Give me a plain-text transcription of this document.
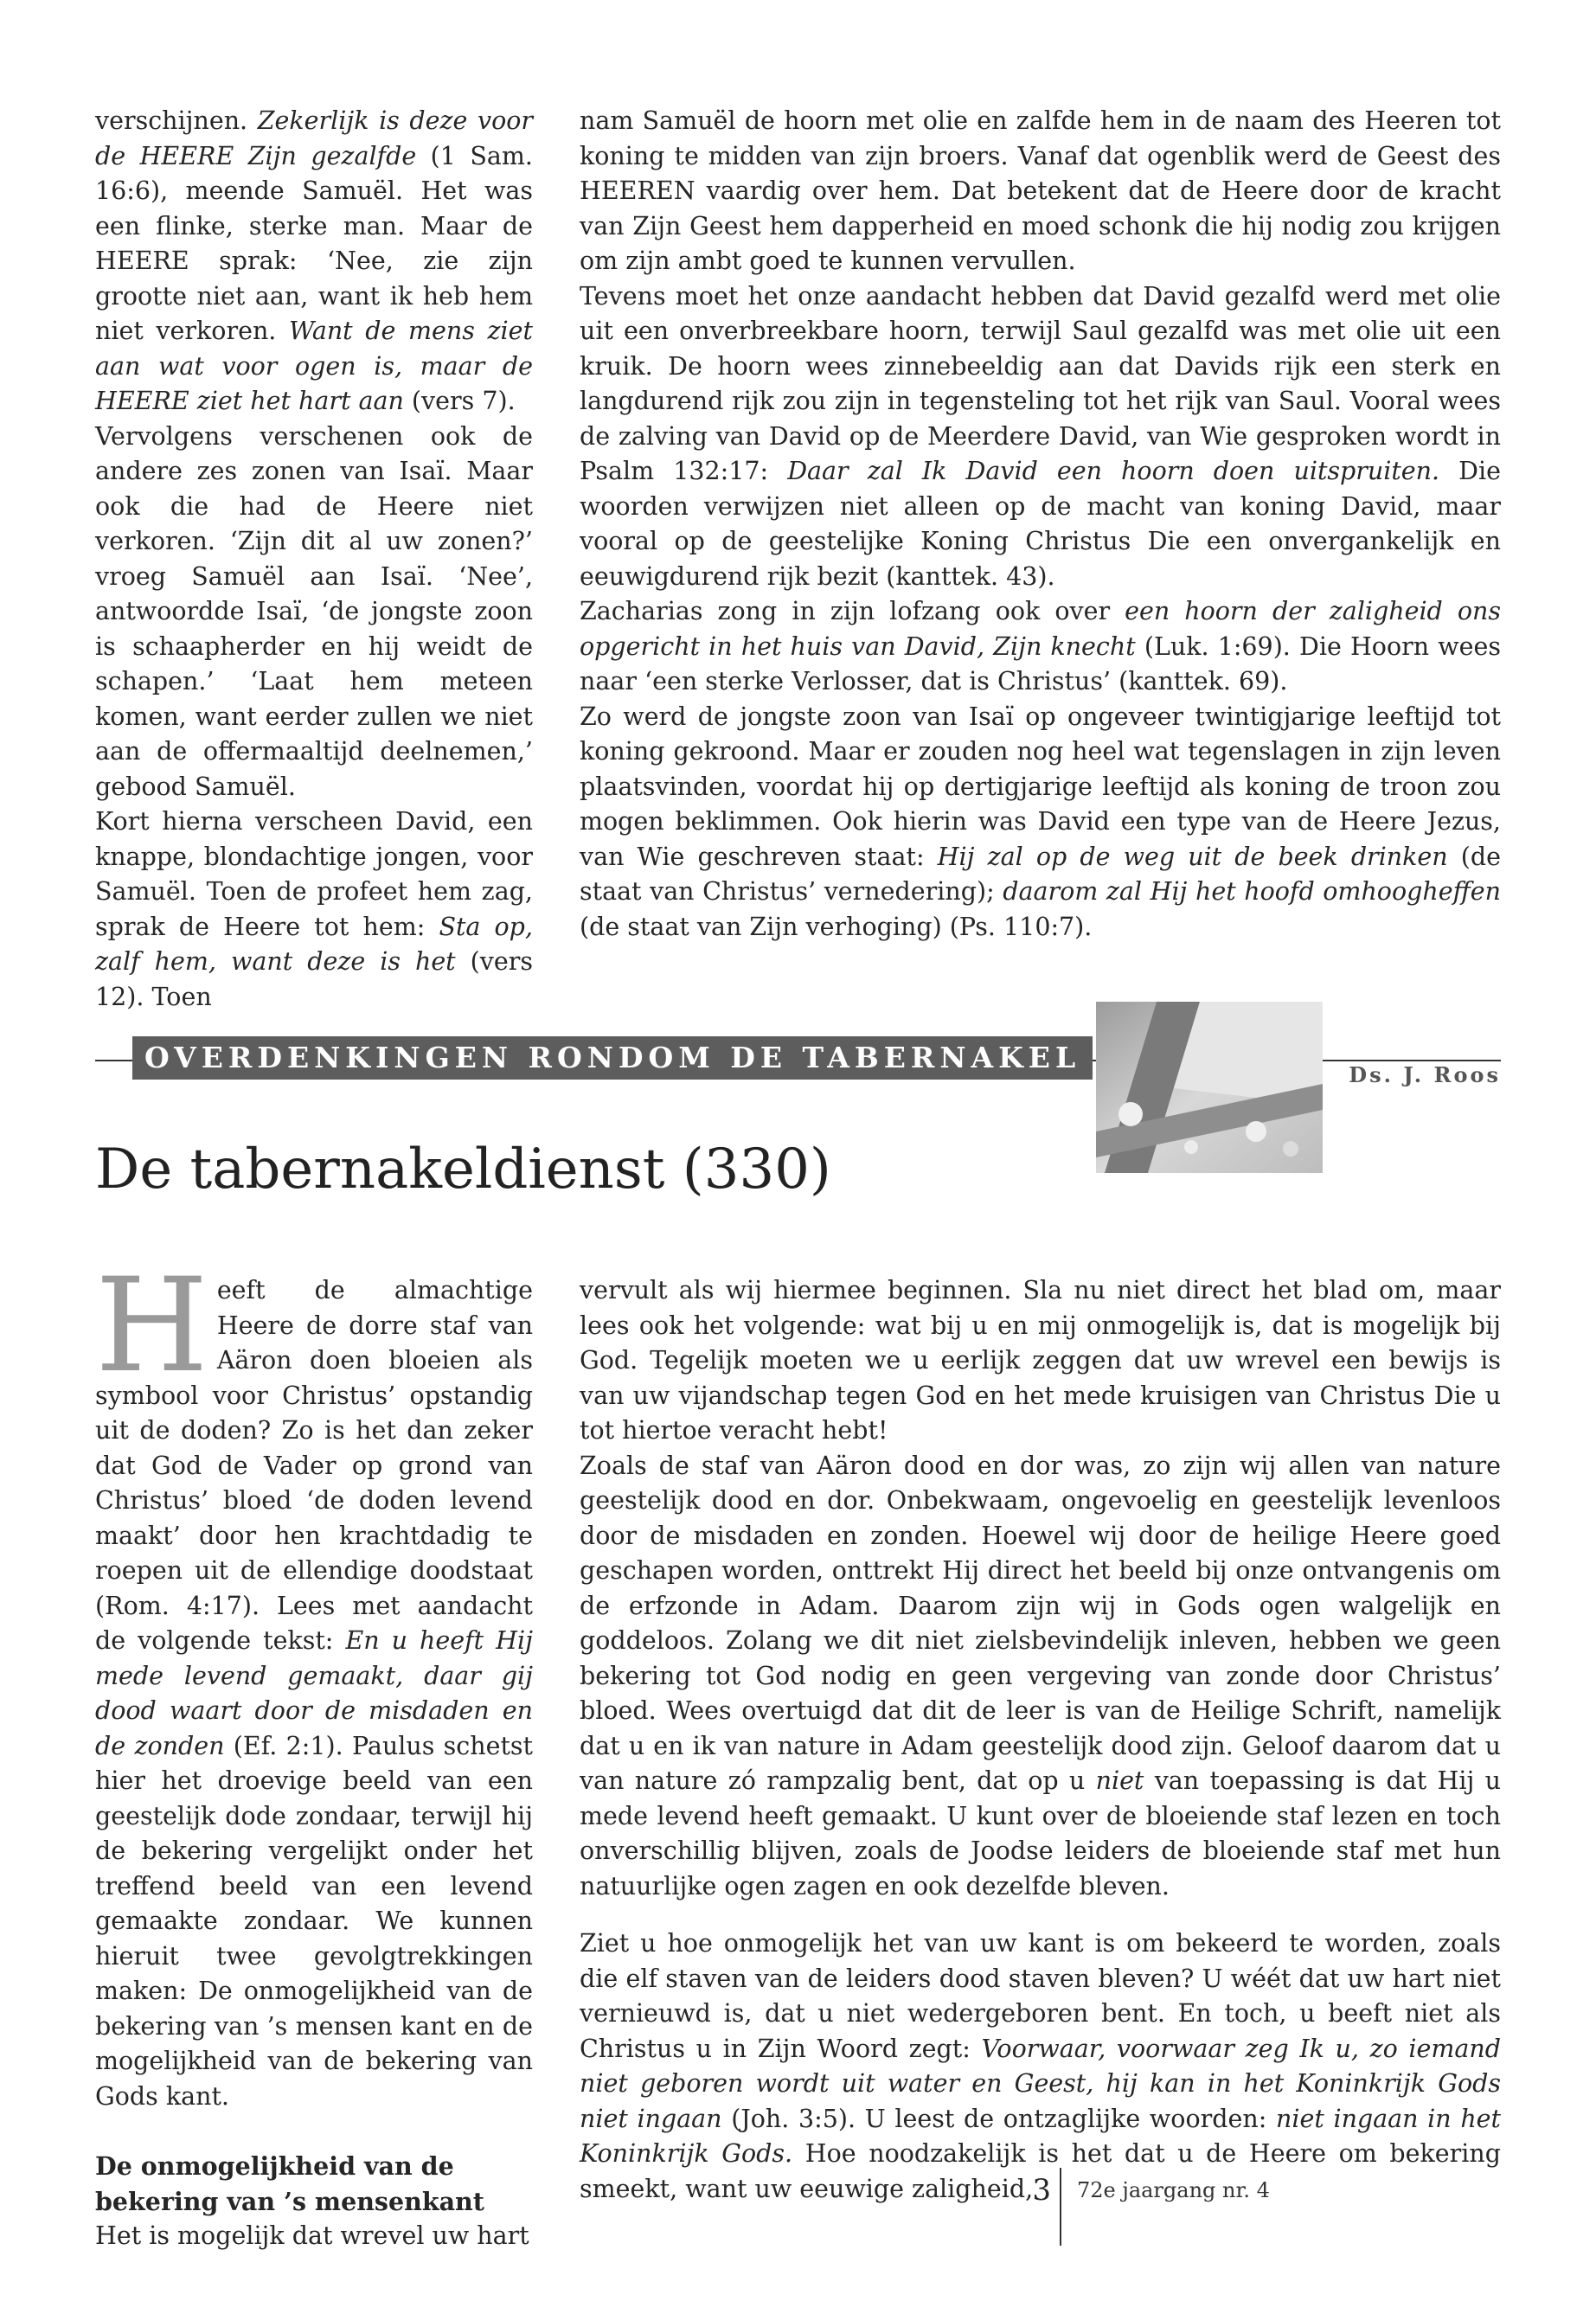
verschijnen. Zekerlijk is deze voor de HEERE Zijn gezalfde (1 Sam. 16:6), meende Samuël. Het was een flinke, sterke man. Maar de HEERE sprak: ‘Nee, zie zijn grootte niet aan, want ik heb hem niet verkoren. Want de mens ziet aan wat voor ogen is, maar de HEERE ziet het hart aan (vers 7).

Vervolgens verschenen ook de andere zes zonen van Isaï. Maar ook die had de Heere niet verkoren. ‘Zijn dit al uw zonen?’ vroeg Samuël aan Isaï. ‘Nee’, antwoordde Isaï, ‘de jongste zoon is schaapherder en hij weidt de schapen.’ ‘Laat hem meteen komen, want eerder zullen we niet aan de offermaaltijd deelnemen,’ gebood Samuël.

Kort hierna verscheen David, een knappe, blondachtige jongen, voor Samuël. Toen de profeet hem zag, sprak de Heere tot hem: Sta op, zalf hem, want deze is het (vers 12). Toen

nam Samuël de hoorn met olie en zalfde hem in de naam des Heeren tot koning te midden van zijn broers. Vanaf dat ogenblik werd de Geest des HEEREN vaardig over hem. Dat betekent dat de Heere door de kracht van Zijn Geest hem dapperheid en moed schonk die hij nodig zou krijgen om zijn ambt goed te kunnen vervullen.

Tevens moet het onze aandacht hebben dat David gezalfd werd met olie uit een onverbreekbare hoorn, terwijl Saul gezalfd was met olie uit een kruik. De hoorn wees zinnebeeldig aan dat Davids rijk een sterk en langdurend rijk zou zijn in tegensteling tot het rijk van Saul. Vooral wees de zalving van David op de Meerdere David, van Wie gesproken wordt in Psalm 132:17: Daar zal Ik David een hoorn doen uitspruiten. Die woorden verwijzen niet alleen op de macht van koning David, maar vooral op de geestelijke Koning Christus Die een onvergankelijk en eeuwigdurend rijk bezit (kanttek. 43).

Zacharias zong in zijn lofzang ook over een hoorn der zaligheid ons opgericht in het huis van David, Zijn knecht (Luk. 1:69). Die Hoorn wees naar ‘een sterke Verlosser, dat is Christus’ (kanttek. 69).

Zo werd de jongste zoon van Isaï op ongeveer twintigjarige leeftijd tot koning gekroond. Maar er zouden nog heel wat tegenslagen in zijn leven plaatsvinden, voordat hij op dertigjarige leeftijd als koning de troon zou mogen beklimmen. Ook hierin was David een type van de Heere Jezus, van Wie geschreven staat: Hij zal op de weg uit de beek drinken (de staat van Christus’ vernedering); daarom zal Hij het hoofd omhoogheffen (de staat van Zijn verhoging) (Ps. 110:7).

OVERDENKINGEN RONDOM DE TABERNAKEL
Ds. J. Roos
De tabernakeldienst (330)

Heeft de almachtige Heere de dorre staf van Aäron doen bloeien als symbool voor Christus’ opstandig uit de doden? Zo is het dan zeker dat God de Vader op grond van Christus’ bloed ‘de doden levend maakt’ door hen krachtdadig te roepen uit de ellendige doodstaat (Rom. 4:17). Lees met aandacht de volgende tekst: En u heeft Hij mede levend gemaakt, daar gij dood waart door de misdaden en de zonden (Ef. 2:1). Paulus schetst hier het droevige beeld van een geestelijk dode zondaar, terwijl hij de bekering vergelijkt onder het treffend beeld van een levend gemaakte zondaar. We kunnen hieruit twee gevolgtrekkingen maken: De onmogelijkheid van de bekering van ’s mensen kant en de mogelijkheid van de bekering van Gods kant.

De onmogelijkheid van de bekering van ’s mensenkant

Het is mogelijk dat wrevel uw hart

vervult als wij hiermee beginnen. Sla nu niet direct het blad om, maar lees ook het volgende: wat bij u en mij onmogelijk is, dat is mogelijk bij God. Tegelijk moeten we u eerlijk zeggen dat uw wrevel een bewijs is van uw vijandschap tegen God en het mede kruisigen van Christus Die u tot hiertoe veracht hebt!

Zoals de staf van Aäron dood en dor was, zo zijn wij allen van nature geestelijk dood en dor. Onbekwaam, ongevoelig en geestelijk levenloos door de misdaden en zonden. Hoewel wij door de heilige Heere goed geschapen worden, onttrekt Hij direct het beeld bij onze ontvangenis om de erfzonde in Adam. Daarom zijn wij in Gods ogen walgelijk en goddeloos. Zolang we dit niet zielsbevindelijk inleven, hebben we geen bekering tot God nodig en geen vergeving van zonde door Christus’ bloed. Wees overtuigd dat dit de leer is van de Heilige Schrift, namelijk dat u en ik van nature in Adam geestelijk dood zijn. Geloof daarom dat u van nature zó rampzalig bent, dat op u niet van toepassing is dat Hij u mede levend heeft gemaakt. U kunt over de bloeiende staf lezen en toch onverschillig blijven, zoals de Joodse leiders de bloeiende staf met hun natuurlijke ogen zagen en ook dezelfde bleven.

Ziet u hoe onmogelijk het van uw kant is om bekeerd te worden, zoals die elf staven van de leiders dood staven bleven? U wéét dat uw hart niet vernieuwd is, dat u niet wedergeboren bent. En toch, u beeft niet als Christus u in Zijn Woord zegt: Voorwaar, voorwaar zeg Ik u, zo iemand niet geboren wordt uit water en Geest, hij kan in het Koninkrijk Gods niet ingaan (Joh. 3:5). U leest de ontzaglijke woorden: niet ingaan in het Koninkrijk Gods. Hoe noodzakelijk is het dat u de Heere om bekering smeekt, want uw eeuwige zaligheid, 3 72e jaargang nr. 4
